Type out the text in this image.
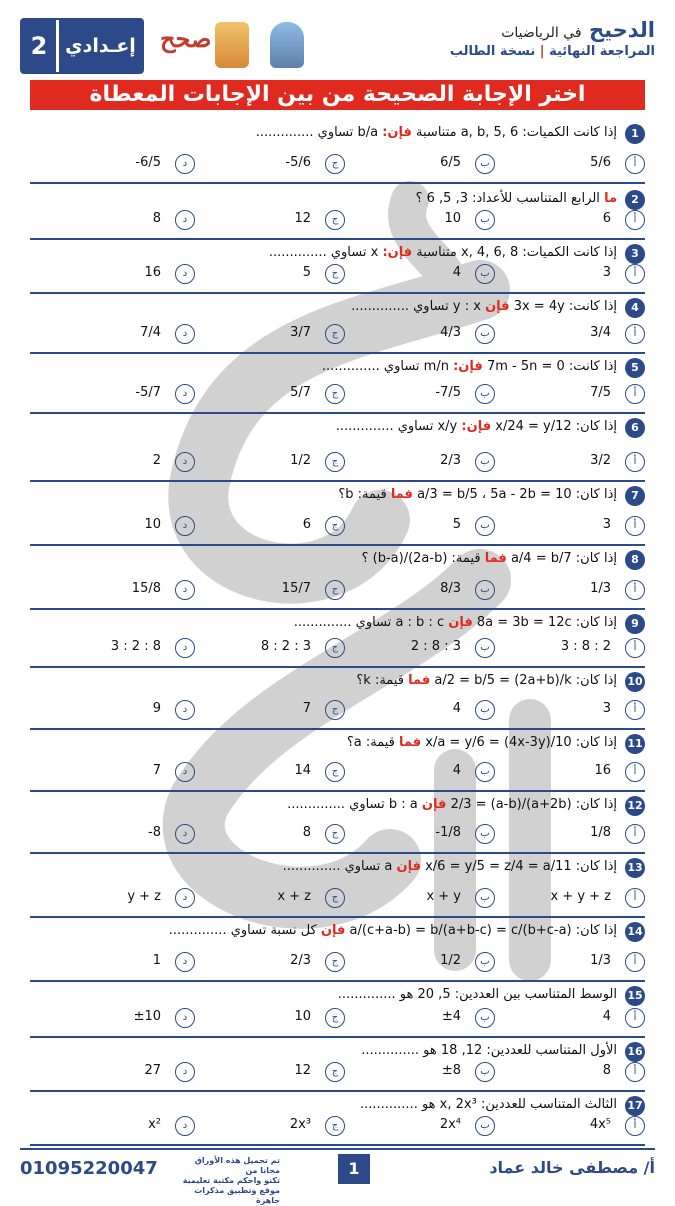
2 إعـدادي صحح	الدحيح في الرياضيات
المراجعة النهائية | نسخة الطالب
اختر الإجابة الصحيحة من بين الإجابات المعطاة
1
إذا كانت الكميات: a, b, 5, 6 متناسبة فإن: b/a تساوي ..............
أ
5/6
ب
6/5
ج
-5/6
د
-6/5
2
ما الرابع المتناسب للأعداد: 3, 5, 6 ؟
أ
6
ب
10
ج
12
د
8
3
إذا كانت الكميات: x, 4, 6, 8 متناسبة فإن: x تساوي ..............
أ
3
ب
4
ج
5
د
16
4
إذا كانت: 3x = 4y فإن y : x تساوي ..............
أ
3/4
ب
4/3
ج
3/7
د
7/4
5
إذا كانت: 7m - 5n = 0 فإن: m/n تساوي ..............
أ
7/5
ب
-7/5
ج
5/7
د
-5/7
6
إذا كان: x/24 = y/12 فإن: x/y تساوي ..............
أ
3/2
ب
2/3
ج
1/2
د
2
7
إذا كان: a/3 = b/5 ، 5a - 2b = 10 فما قيمة: b؟
أ
3
ب
5
ج
6
د
10
8
إذا كان: a/4 = b/7 فما قيمة: (2a-b)/(b-a) ؟
أ
1/3
ب
8/3
ج
15/7
د
15/8
9
إذا كان: 8a = 3b = 12c فإن a : b : c تساوي ..............
أ
3 : 8 : 2
ب
2 : 8 : 3
ج
8 : 2 : 3
د
3 : 2 : 8
10
إذا كان: a/2 = b/5 = (2a+b)/k فما قيمة: k؟
أ
3
ب
4
ج
7
د
9
11
إذا كان: x/a = y/6 = (4x-3y)/10 فما قيمة: a؟
أ
16
ب
4
ج
14
د
7
12
إذا كان: (a+2b)/(a-b) = 2/3 فإن b : a تساوي ..............
أ
1/8
ب
-1/8
ج
8
د
-8
13
إذا كان: x/6 = y/5 = z/4 = a/11 فإن a تساوي ..............
أ
x + y + z
ب
x + y
ج
x + z
د
y + z
14
إذا كان: a/(c+a-b) = b/(a+b-c) = c/(b+c-a) فإن كل نسبة تساوي ..............
أ
1/3
ب
1/2
ج
2/3
د
1
15
الوسط المتناسب بين العددين: 5, 20 هو ..............
أ
4
ب
±4
ج
10
د
±10
16
الأول المتناسب للعددين: 12, 18 هو ..............
أ
8
ب
±8
ج
12
د
27
17
الثالث المتناسب للعددين: x, 2x³ هو ..............
أ
4x⁵
ب
2x⁴
ج
2x³
د
x²
01095220047	تم تحميل هذه الأوراق مجانا من
تكنو واحكم مكتبة تعليمية
موقع وتطبيق مذكرات جاهزة
1	أ/ مصطفى خالد عماد
